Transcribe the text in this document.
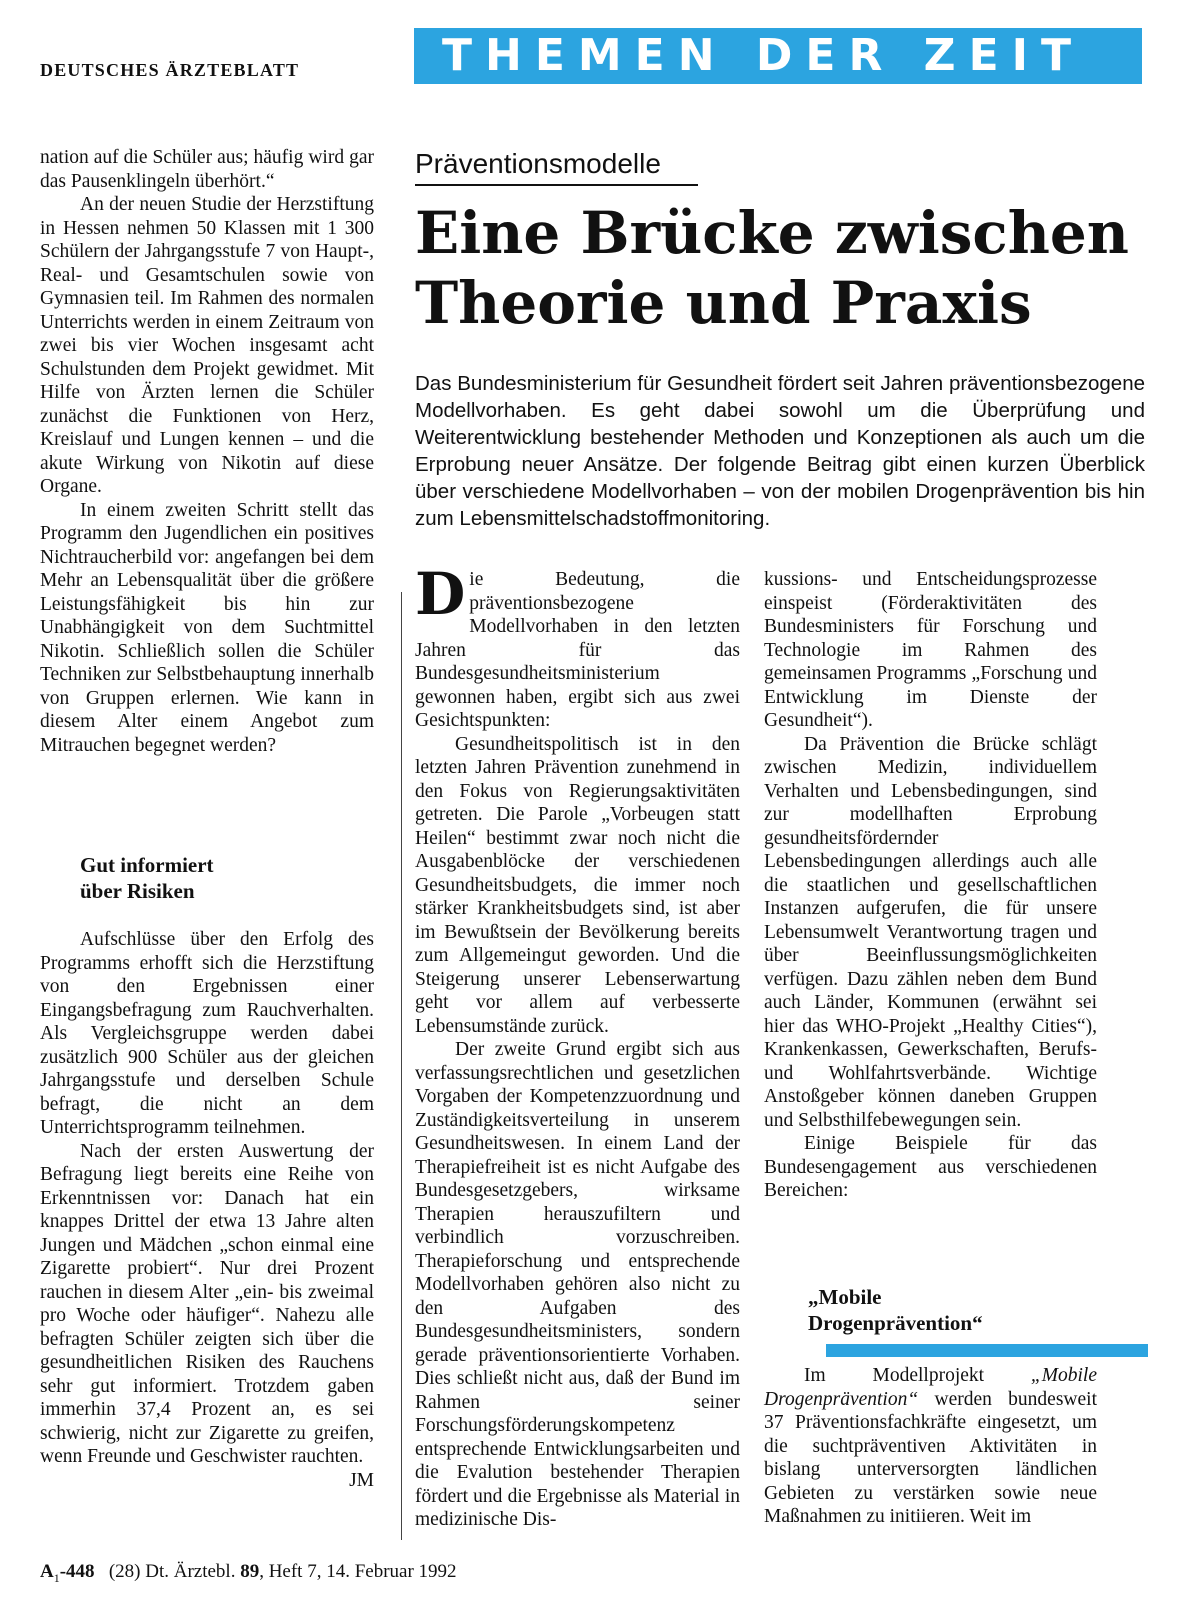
DEUTSCHES ÄRZTEBLATT	THEMEN DER ZEIT

nation auf die Schüler aus; häufig wird gar das Pausenklingeln überhört.“

An der neuen Studie der Herzstiftung in Hessen nehmen 50 Klassen mit 1 300 Schülern der Jahrgangsstufe 7 von Haupt-, Real- und Gesamtschulen sowie von Gymnasien teil. Im Rahmen des normalen Unterrichts werden in einem Zeitraum von zwei bis vier Wochen insgesamt acht Schulstunden dem Projekt gewidmet. Mit Hilfe von Ärzten lernen die Schüler zunächst die Funktionen von Herz, Kreislauf und Lungen kennen – und die akute Wirkung von Nikotin auf diese Organe.

In einem zweiten Schritt stellt das Programm den Jugendlichen ein positives Nichtraucherbild vor: angefangen bei dem Mehr an Lebensqualität über die größere Leistungsfähigkeit bis hin zur Unabhängigkeit von dem Suchtmittel Nikotin. Schließlich sollen die Schüler Techniken zur Selbstbehauptung innerhalb von Gruppen erlernen. Wie kann in diesem Alter einem Angebot zum Mitrauchen begegnet werden?

Gut informiert
über Risiken

Aufschlüsse über den Erfolg des Programms erhofft sich die Herzstiftung von den Ergebnissen einer Eingangsbefragung zum Rauchverhalten. Als Vergleichsgruppe werden dabei zusätzlich 900 Schüler aus der gleichen Jahrgangsstufe und derselben Schule befragt, die nicht an dem Unterrichtsprogramm teilnehmen.

Nach der ersten Auswertung der Befragung liegt bereits eine Reihe von Erkenntnissen vor: Danach hat ein knappes Drittel der etwa 13 Jahre alten Jungen und Mädchen „schon einmal eine Zigarette probiert“. Nur drei Prozent rauchen in diesem Alter „ein- bis zweimal pro Woche oder häufiger“. Nahezu alle befragten Schüler zeigten sich über die gesundheitlichen Risiken des Rauchens sehr gut informiert. Trotzdem gaben immerhin 37,4 Prozent an, es sei schwierig, nicht zur Zigarette zu greifen, wenn Freunde und Geschwister rauchten.
JM

Präventionsmodelle
Eine Brücke zwischen
Theorie und Praxis
Das Bundesministerium für Gesundheit fördert seit Jahren präventionsbezogene Modellvorhaben. Es geht dabei sowohl um die Überprüfung und Weiterentwicklung bestehender Methoden und Konzeptionen als auch um die Erprobung neuer Ansätze. Der folgende Beitrag gibt einen kurzen Überblick über verschiedene Modellvorhaben – von der mobilen Drogenprävention bis hin zum Lebensmittelschadstoffmonitoring.

Die Bedeutung, die präventionsbezogene Modellvorhaben in den letzten Jahren für das Bundesgesundheitsministerium gewonnen haben, ergibt sich aus zwei Gesichtspunkten:

Gesundheitspolitisch ist in den letzten Jahren Prävention zunehmend in den Fokus von Regierungsaktivitäten getreten. Die Parole „Vorbeugen statt Heilen“ bestimmt zwar noch nicht die Ausgabenblöcke der verschiedenen Gesundheitsbudgets, die immer noch stärker Krankheitsbudgets sind, ist aber im Bewußtsein der Bevölkerung bereits zum Allgemeingut geworden. Und die Steigerung unserer Lebenserwartung geht vor allem auf verbesserte Lebensumstände zurück.

Der zweite Grund ergibt sich aus verfassungsrechtlichen und gesetzlichen Vorgaben der Kompetenzzuordnung und Zuständigkeitsverteilung in unserem Gesundheitswesen. In einem Land der Therapiefreiheit ist es nicht Aufgabe des Bundesgesetzgebers, wirksame Therapien herauszufiltern und verbindlich vorzuschreiben. Therapieforschung und entsprechende Modellvorhaben gehören also nicht zu den Aufgaben des Bundesgesundheitsministers, sondern gerade präventionsorientierte Vorhaben. Dies schließt nicht aus, daß der Bund im Rahmen seiner Forschungsförderungskompetenz entsprechende Entwicklungsarbeiten und die Evalution bestehender Therapien fördert und die Ergebnisse als Material in medizinische Dis-

kussions- und Entscheidungsprozesse einspeist (Förderaktivitäten des Bundesministers für Forschung und Technologie im Rahmen des gemeinsamen Programms „Forschung und Entwicklung im Dienste der Gesundheit“).

Da Prävention die Brücke schlägt zwischen Medizin, individuellem Verhalten und Lebensbedingungen, sind zur modellhaften Erprobung gesundheitsfördernder Lebensbedingungen allerdings auch alle die staatlichen und gesellschaftlichen Instanzen aufgerufen, die für unsere Lebensumwelt Verantwortung tragen und über Beeinflussungsmöglichkeiten verfügen. Dazu zählen neben dem Bund auch Länder, Kommunen (erwähnt sei hier das WHO-Projekt „Healthy Cities“), Krankenkassen, Gewerkschaften, Berufs- und Wohlfahrtsverbände. Wichtige Anstoßgeber können daneben Gruppen und Selbsthilfebewegungen sein.

Einige Beispiele für das Bundesengagement aus verschiedenen Bereichen:

„Mobile
Drogenprävention“

Im Modellprojekt „Mobile Drogenprävention“ werden bundesweit 37 Präventionsfachkräfte eingesetzt, um die suchtpräventiven Aktivitäten in bislang unterversorgten ländlichen Gebieten zu verstärken sowie neue Maßnahmen zu initiieren. Weit im

$A_1-448$ (28) Dt. Ärztebl. 89, Heft 7, 14. Februar 1992
